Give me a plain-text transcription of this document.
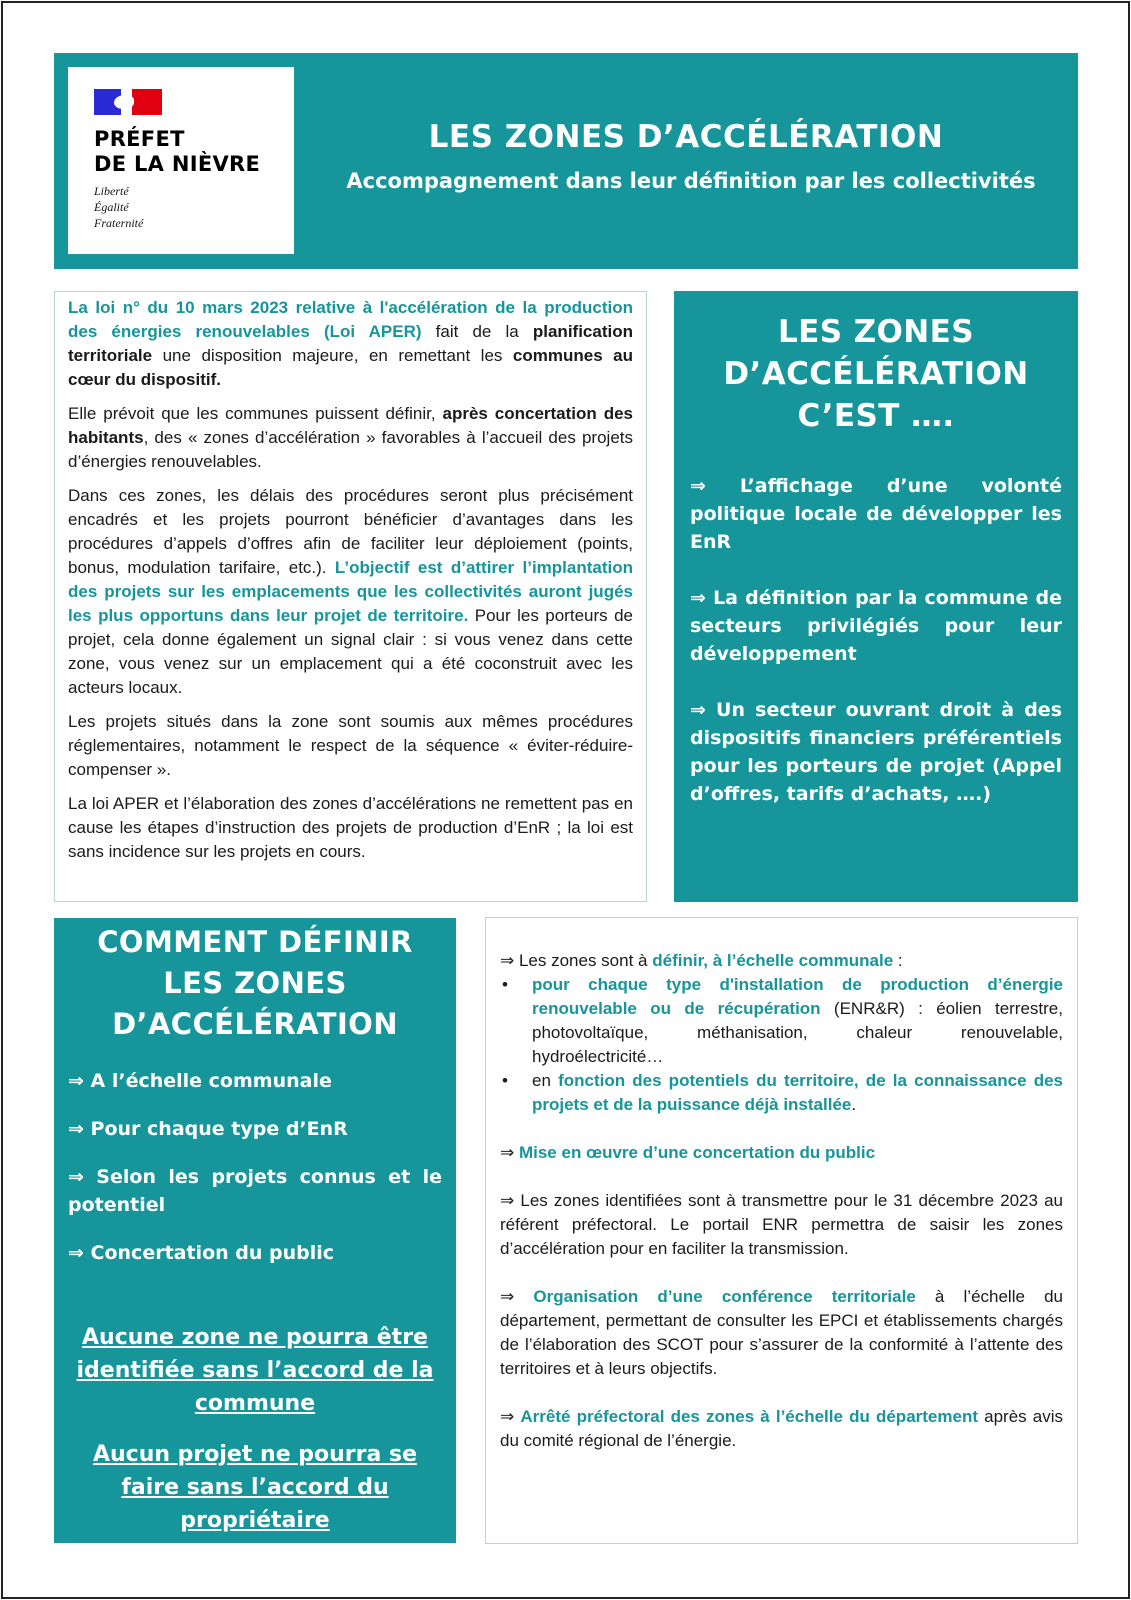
PRÉFET
DE LA NIÈVRE
Liberté
Égalité
Fraternité
LES ZONES D’ACCÉLÉRATION
Accompagnement dans leur définition par les collectivités

La loi n° du 10 mars 2023 relative à l'accélération de la production des énergies renouvelables (Loi APER) fait de la planification territoriale une disposition majeure, en remettant les communes au cœur du dispositif.

Elle prévoit que les communes puissent définir, après concertation des habitants, des « zones d’accélération » favorables à l’accueil des projets d’énergies renouvelables.

Dans ces zones, les délais des procédures seront plus précisément encadrés et les projets pourront bénéficier d’avantages dans les procédures d’appels d’offres afin de faciliter leur déploiement (points, bonus, modulation tarifaire, etc.). L’objectif est d’attirer l’implantation des projets sur les emplacements que les collectivités auront jugés les plus opportuns dans leur projet de territoire. Pour les porteurs de projet, cela donne également un signal clair : si vous venez dans cette zone, vous venez sur un emplacement qui a été coconstruit avec les acteurs locaux.

Les projets situés dans la zone sont soumis aux mêmes procédures réglementaires, notamment le respect de la séquence « éviter-réduire-compenser ».

La loi APER et l’élaboration des zones d’accélérations ne remettent pas en cause les étapes d’instruction des projets de production d’EnR ; la loi est sans incidence sur les projets en cours.

LES ZONES
D’ACCÉLÉRATION
C’EST ….
⇒ L’affichage d’une volonté politique locale de développer les EnR
⇒ La définition par la commune de secteurs privilégiés pour leur développement
⇒ Un secteur ouvrant droit à des dispositifs financiers préférentiels pour les porteurs de projet (Appel d’offres, tarifs d’achats, ….)
COMMENT DÉFINIR
LES ZONES
D’ACCÉLÉRATION
⇒ A l’échelle communale
⇒ Pour chaque type d’EnR
⇒ Selon les projets connus et le potentiel
⇒ Concertation du public
Aucune zone ne pourra être identifiée sans l’accord de la commune
Aucun projet ne pourra se faire sans l’accord du propriétaire
⇒ Les zones sont à définir, à l’échelle communale :
• pour chaque type d'installation de production d’énergie renouvelable ou de récupération (ENR&R) : éolien terrestre, photovoltaïque, méthanisation, chaleur renouvelable, hydroélectricité…
• en fonction des potentiels du territoire, de la connaissance des projets et de la puissance déjà installée.

⇒ Mise en œuvre d’une concertation du public

⇒ Les zones identifiées sont à transmettre pour le 31 décembre 2023 au référent préfectoral. Le portail ENR permettra de saisir les zones d’accélération pour en faciliter la transmission.

⇒ Organisation d’une conférence territoriale à l’échelle du département, permettant de consulter les EPCI et établissements chargés de l’élaboration des SCOT pour s’assurer de la conformité à l’attente des territoires et à leurs objectifs.

⇒ Arrêté préfectoral des zones à l’échelle du département après avis du comité régional de l’énergie.
